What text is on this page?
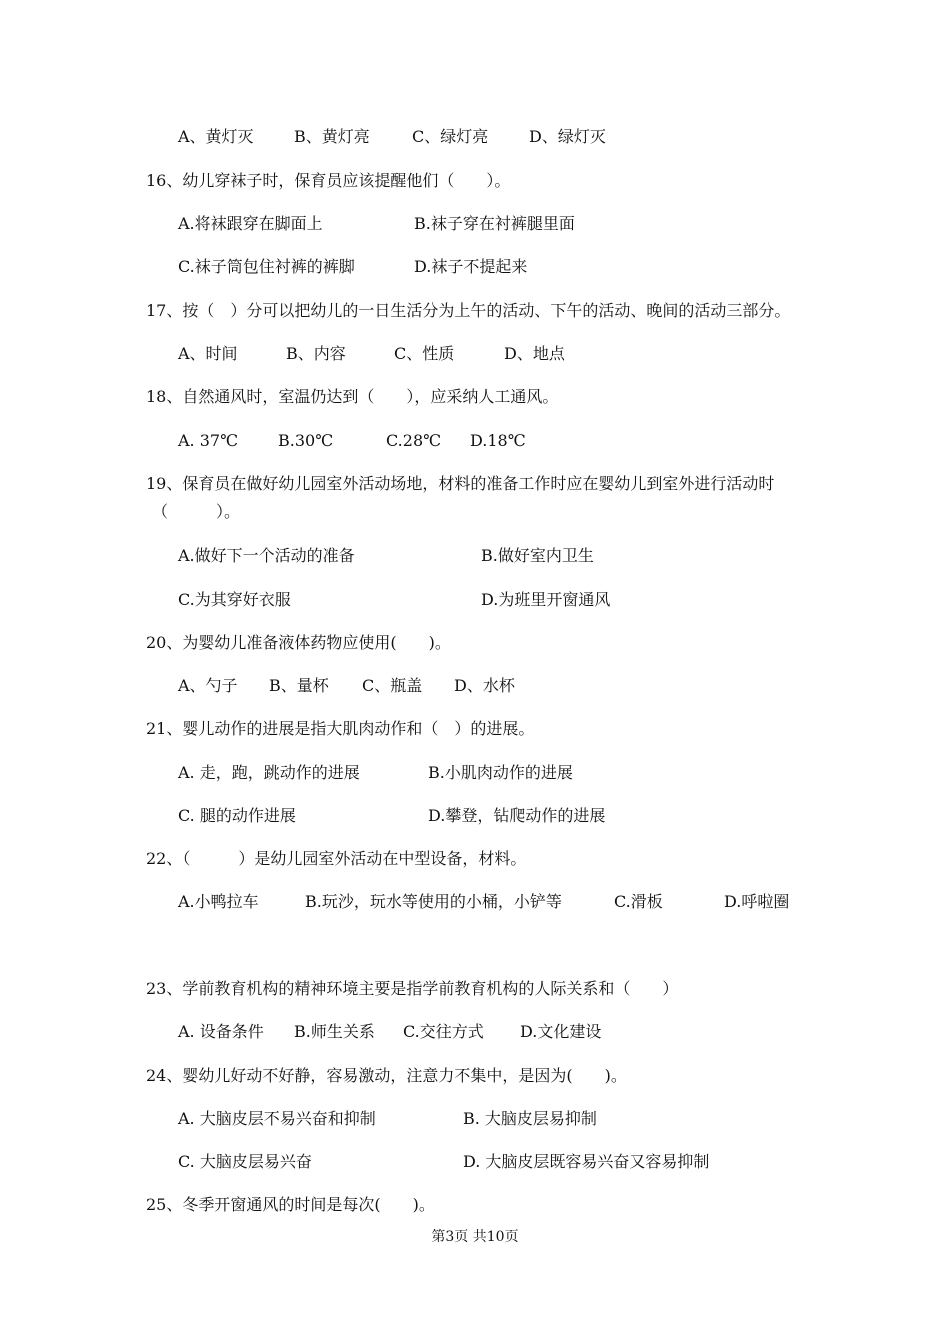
A、黄灯灭	B、黄灯亮	C、绿灯亮	D、绿灯灭
16、幼儿穿袜子时，保育员应该提醒他们（　　）。
A.将袜跟穿在脚面上	B.袜子穿在衬裤腿里面
C.袜子筒包住衬裤的裤脚	D.袜子不提起来
17、按（　）分可以把幼儿的一日生活分为上午的活动、下午的活动、晚间的活动三部分。
A、时间	B、内容	C、性质	D、地点
18、自然通风时，室温仍达到（　　），应采纳人工通风。
A. 37℃	B.30℃	C.28℃ D.18℃
19、保育员在做好幼儿园室外活动场地，材料的准备工作时应在婴幼儿到室外进行活动时
（　　　）。
A.做好下一个活动的准备	B.做好室内卫生
C.为其穿好衣服	D.为班里开窗通风
20、为婴幼儿准备液体药物应使用(　　)。
A、勺子 B、量杯 C、瓶盖 D、水杯
21、婴儿动作的进展是指大肌肉动作和（　）的进展。
A. 走，跑，跳动作的进展	B.小肌肉动作的进展
C. 腿的动作进展	D.攀登，钻爬动作的进展
22、（　　　）是幼儿园室外活动在中型设备，材料。
A.小鸭拉车	B.玩沙，玩水等使用的小桶，小铲等	C.滑板	D.呼啦圈
23、学前教育机构的精神环境主要是指学前教育机构的人际关系和（　　）
A. 设备条件 B.师生关系 C.交往方式 D.文化建设
24、婴幼儿好动不好静，容易激动，注意力不集中，是因为(　　)。
A. 大脑皮层不易兴奋和抑制	B. 大脑皮层易抑制
C. 大脑皮层易兴奋	D. 大脑皮层既容易兴奋又容易抑制
25、冬季开窗通风的时间是每次(　　)。
第3页 共10页
